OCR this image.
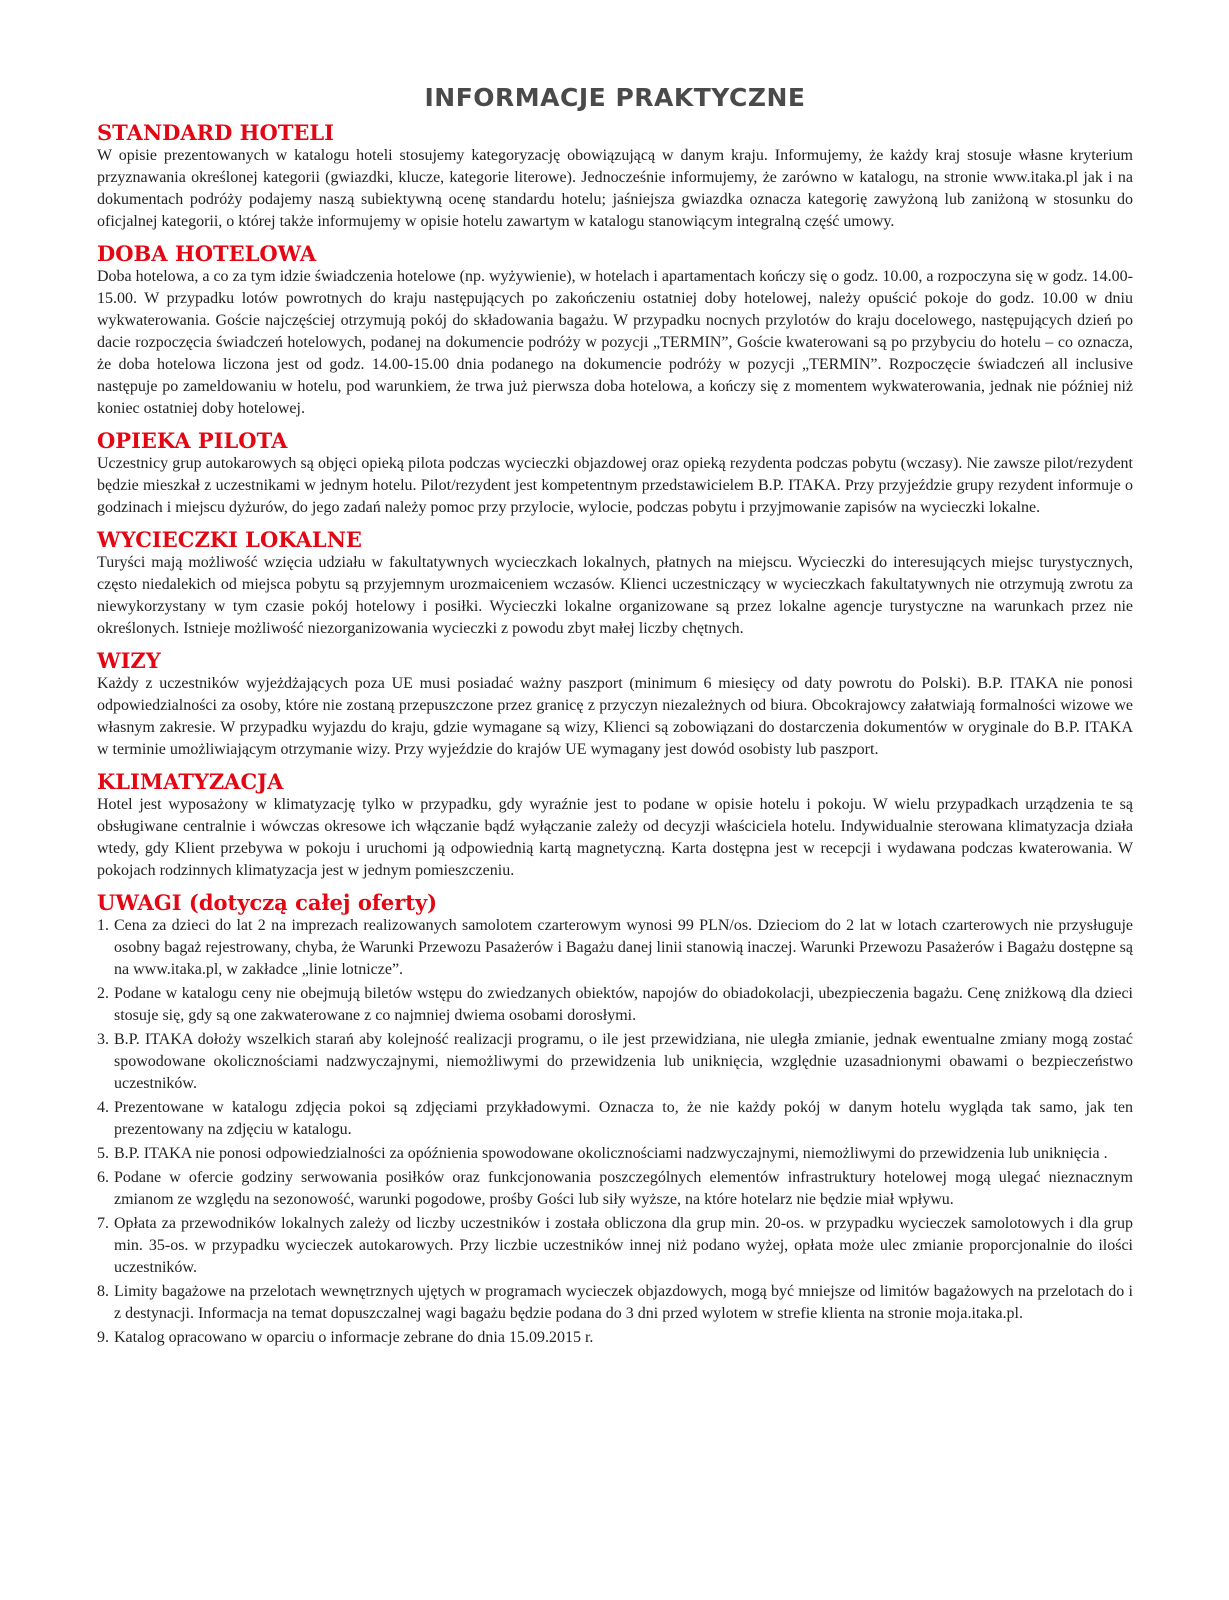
INFORMACJE PRAKTYCZNE
STANDARD HOTELI

W opisie prezentowanych w katalogu hoteli stosujemy kategoryzację obowiązującą w danym kraju. Informujemy, że każdy kraj stosuje własne kryterium przyznawania określonej kategorii (gwiazdki, klucze, kategorie literowe). Jednocześnie informujemy, że zarówno w katalogu, na stronie www.itaka.pl jak i na dokumentach podróży podajemy naszą subiektywną ocenę standardu hotelu; jaśniejsza gwiazdka oznacza kategorię zawyżoną lub zaniżoną w stosunku do oficjalnej kategorii, o której także informujemy w opisie hotelu zawartym w katalogu stanowiącym integralną część umowy.

DOBA HOTELOWA

Doba hotelowa, a co za tym idzie świadczenia hotelowe (np. wyżywienie), w hotelach i apartamentach kończy się o godz. 10.00, a rozpoczyna się w godz. 14.00-15.00. W przypadku lotów powrotnych do kraju następujących po zakończeniu ostatniej doby hotelowej, należy opuścić pokoje do godz. 10.00 w dniu wykwaterowania. Goście najczęściej otrzymują pokój do składowania bagażu. W przypadku nocnych przylotów do kraju docelowego, następujących dzień po dacie rozpoczęcia świadczeń hotelowych, podanej na dokumencie podróży w pozycji „TERMIN”, Goście kwaterowani są po przybyciu do hotelu – co oznacza, że doba hotelowa liczona jest od godz. 14.00-15.00 dnia podanego na dokumencie podróży w pozycji „TERMIN”. Rozpoczęcie świadczeń all inclusive następuje po zameldowaniu w hotelu, pod warunkiem, że trwa już pierwsza doba hotelowa, a kończy się z momentem wykwaterowania, jednak nie później niż koniec ostatniej doby hotelowej.

OPIEKA PILOTA

Uczestnicy grup autokarowych są objęci opieką pilota podczas wycieczki objazdowej oraz opieką rezydenta podczas pobytu (wczasy). Nie zawsze pilot/rezydent będzie mieszkał z uczestnikami w jednym hotelu. Pilot/rezydent jest kompetentnym przedstawicielem B.P. ITAKA. Przy przyjeździe grupy rezydent informuje o godzinach i miejscu dyżurów, do jego zadań należy pomoc przy przylocie, wylocie, podczas pobytu i przyjmowanie zapisów na wycieczki lokalne.

WYCIECZKI LOKALNE

Turyści mają możliwość wzięcia udziału w fakultatywnych wycieczkach lokalnych, płatnych na miejscu. Wycieczki do interesujących miejsc turystycznych, często niedalekich od miejsca pobytu są przyjemnym urozmaiceniem wczasów. Klienci uczestniczący w wycieczkach fakultatywnych nie otrzymują zwrotu za niewykorzystany w tym czasie pokój hotelowy i posiłki. Wycieczki lokalne organizowane są przez lokalne agencje turystyczne na warunkach przez nie określonych. Istnieje możliwość niezorganizowania wycieczki z powodu zbyt małej liczby chętnych.

WIZY

Każdy z uczestników wyjeżdżających poza UE musi posiadać ważny paszport (minimum 6 miesięcy od daty powrotu do Polski). B.P. ITAKA nie ponosi odpowiedzialności za osoby, które nie zostaną przepuszczone przez granicę z przyczyn niezależnych od biura. Obcokrajowcy załatwiają formalności wizowe we własnym zakresie. W przypadku wyjazdu do kraju, gdzie wymagane są wizy, Klienci są zobowiązani do dostarczenia dokumentów w oryginale do B.P. ITAKA w terminie umożliwiającym otrzymanie wizy. Przy wyjeździe do krajów UE wymagany jest dowód osobisty lub paszport.

KLIMATYZACJA

Hotel jest wyposażony w klimatyzację tylko w przypadku, gdy wyraźnie jest to podane w opisie hotelu i pokoju. W wielu przypadkach urządzenia te są obsługiwane centralnie i wówczas okresowe ich włączanie bądź wyłączanie zależy od decyzji właściciela hotelu. Indywidualnie sterowana klimatyzacja działa wtedy, gdy Klient przebywa w pokoju i uruchomi ją odpowiednią kartą magnetyczną. Karta dostępna jest w recepcji i wydawana podczas kwaterowania. W pokojach rodzinnych klimatyzacja jest w jednym pomieszczeniu.

UWAGI (dotyczą całej oferty)
1. Cena za dzieci do lat 2 na imprezach realizowanych samolotem czarterowym wynosi 99 PLN/os. Dzieciom do 2 lat w lotach czarterowych nie przysługuje osobny bagaż rejestrowany, chyba, że Warunki Przewozu Pasażerów i Bagażu danej linii stanowią inaczej. Warunki Przewozu Pasażerów i Bagażu dostępne są na www.itaka.pl, w zakładce „linie lotnicze”.
2. Podane w katalogu ceny nie obejmują biletów wstępu do zwiedzanych obiektów, napojów do obiadokolacji, ubezpieczenia bagażu. Cenę zniżkową dla dzieci stosuje się, gdy są one zakwaterowane z co najmniej dwiema osobami dorosłymi.
3. B.P. ITAKA dołoży wszelkich starań aby kolejność realizacji programu, o ile jest przewidziana, nie uległa zmianie, jednak ewentualne zmiany mogą zostać spowodowane okolicznościami nadzwyczajnymi, niemożliwymi do przewidzenia lub uniknięcia, względnie uzasadnionymi obawami o bezpieczeństwo uczestników.
4. Prezentowane w katalogu zdjęcia pokoi są zdjęciami przykładowymi. Oznacza to, że nie każdy pokój w danym hotelu wygląda tak samo, jak ten prezentowany na zdjęciu w katalogu.
5. B.P. ITAKA nie ponosi odpowiedzialności za opóźnienia spowodowane okolicznościami nadzwyczajnymi, niemożliwymi do przewidzenia lub uniknięcia .
6. Podane w ofercie godziny serwowania posiłków oraz funkcjonowania poszczególnych elementów infrastruktury hotelowej mogą ulegać nieznacznym zmianom ze względu na sezonowość, warunki pogodowe, prośby Gości lub siły wyższe, na które hotelarz nie będzie miał wpływu.
7. Opłata za przewodników lokalnych zależy od liczby uczestników i została obliczona dla grup min. 20-os. w przypadku wycieczek samolotowych i dla grup min. 35-os. w przypadku wycieczek autokarowych. Przy liczbie uczestników innej niż podano wyżej, opłata może ulec zmianie proporcjonalnie do ilości uczestników.
8. Limity bagażowe na przelotach wewnętrznych ujętych w programach wycieczek objazdowych, mogą być mniejsze od limitów bagażowych na przelotach do i z destynacji. Informacja na temat dopuszczalnej wagi bagażu będzie podana do 3 dni przed wylotem w strefie klienta na stronie moja.itaka.pl.
9. Katalog opracowano w oparciu o informacje zebrane do dnia 15.09.2015 r.
